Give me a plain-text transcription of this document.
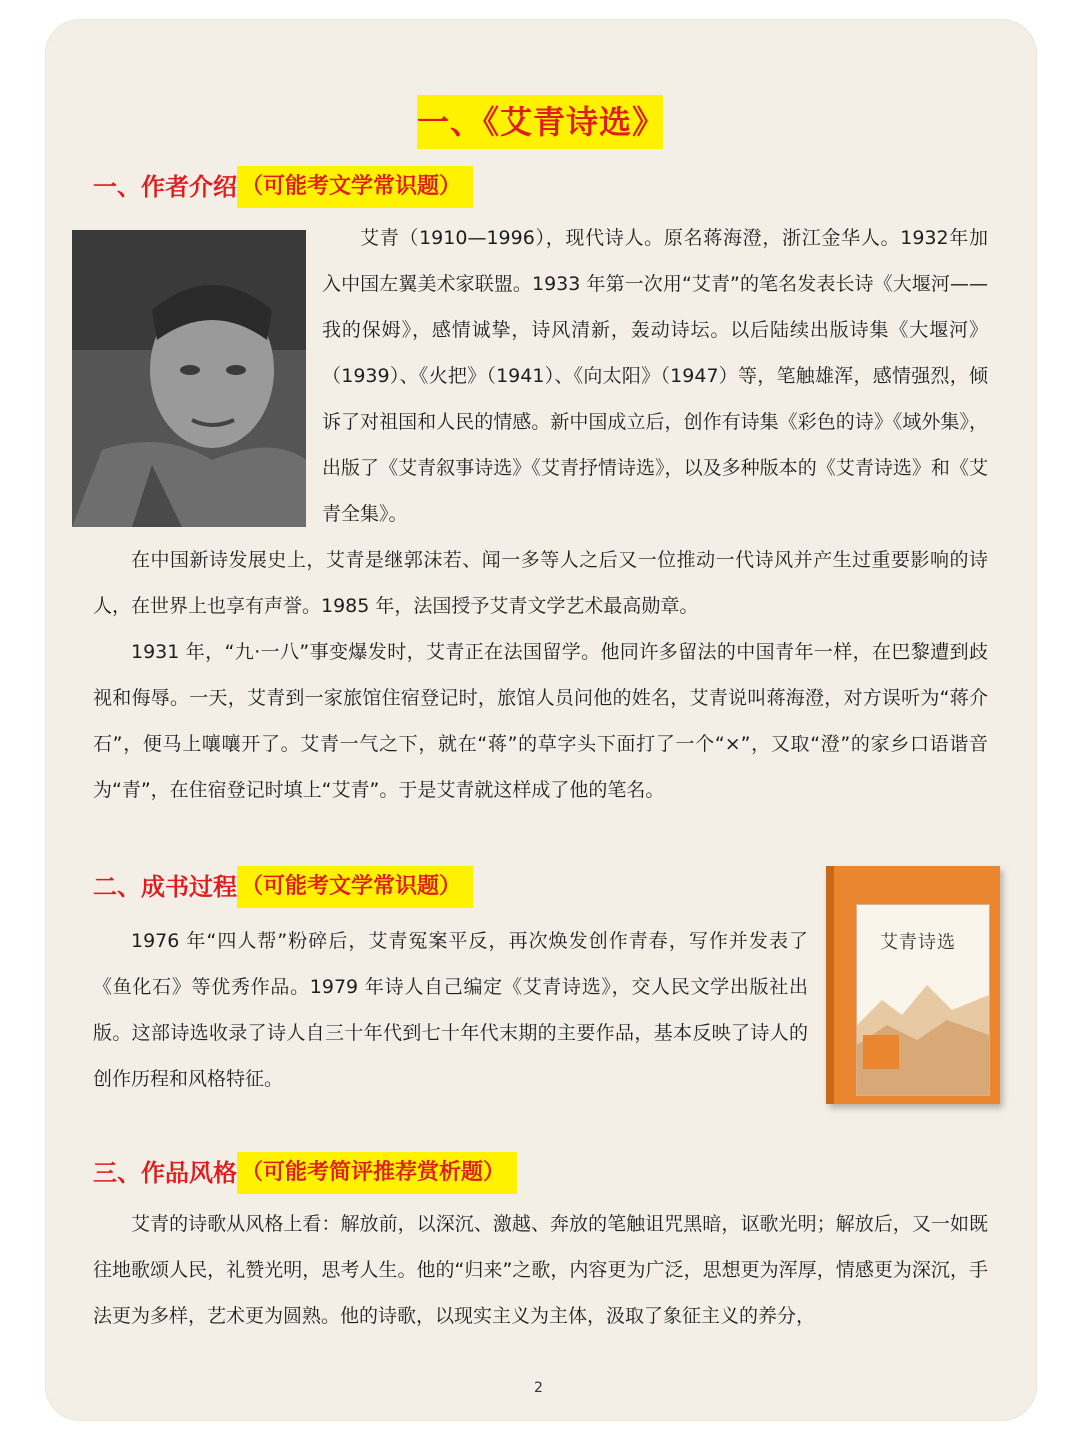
一、《艾青诗选》
一、作者介绍 （可能考文学常识题）
艾青（1910—1996），现代诗人。原名蒋海澄，浙江金华人。1932年加入中国左翼美术家联盟。1933 年第一次用“艾青”的笔名发表长诗《大堰河——我的保姆》，感情诚挚，诗风清新，轰动诗坛。以后陆续出版诗集《大堰河》（1939）、《火把》（1941）、《向太阳》（1947）等，笔触雄浑，感情强烈，倾诉了对祖国和人民的情感。新中国成立后，创作有诗集《彩色的诗》《域外集》，出版了《艾青叙事诗选》《艾青抒情诗选》，以及多种版本的《艾青诗选》和《艾青全集》。
在中国新诗发展史上，艾青是继郭沫若、闻一多等人之后又一位推动一代诗风并产生过重要影响的诗人，在世界上也享有声誉。1985 年，法国授予艾青文学艺术最高勋章。
1931 年，“九·一八”事变爆发时，艾青正在法国留学。他同许多留法的中国青年一样，在巴黎遭到歧视和侮辱。一天，艾青到一家旅馆住宿登记时，旅馆人员问他的姓名，艾青说叫蒋海澄，对方误听为“蒋介石”，便马上嚷嚷开了。艾青一气之下，就在“蒋”的草字头下面打了一个“×”，又取“澄”的家乡口语谐音为“青”，在住宿登记时填上“艾青”。于是艾青就这样成了他的笔名。
二、成书过程 （可能考文学常识题）
1976 年“四人帮”粉碎后，艾青冤案平反，再次焕发创作青春，写作并发表了《鱼化石》等优秀作品。1979 年诗人自己编定《艾青诗选》，交人民文学出版社出版。这部诗选收录了诗人自三十年代到七十年代末期的主要作品，基本反映了诗人的创作历程和风格特征。
艾青诗选
三、作品风格 （可能考简评推荐赏析题）
艾青的诗歌从风格上看：解放前，以深沉、激越、奔放的笔触诅咒黑暗，讴歌光明；解放后，又一如既往地歌颂人民，礼赞光明，思考人生。他的“归来”之歌，内容更为广泛，思想更为浑厚，情感更为深沉，手法更为多样，艺术更为圆熟。他的诗歌，以现实主义为主体，汲取了象征主义的养分，
2
